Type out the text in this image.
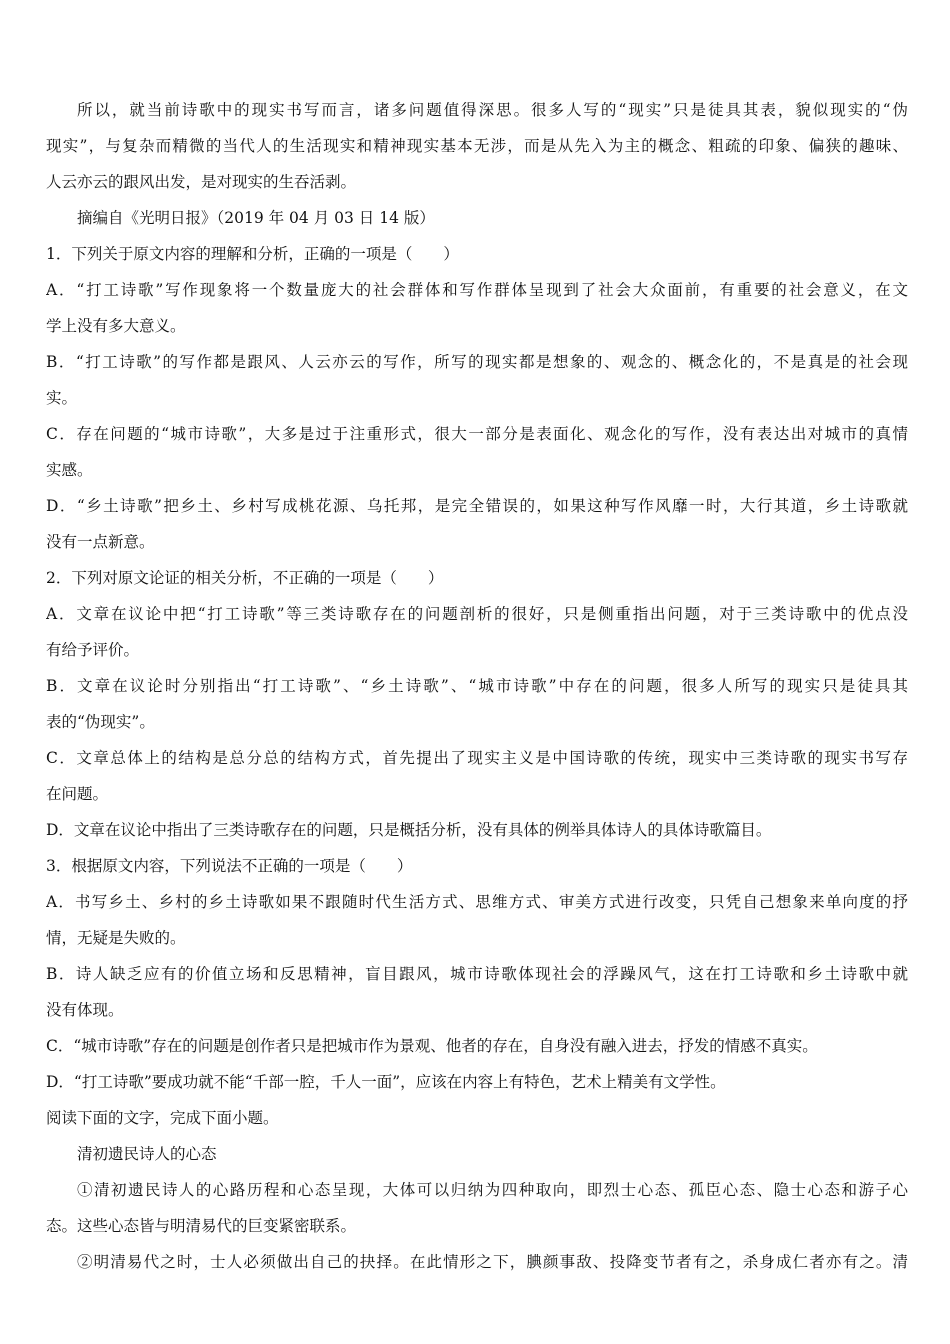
所以，就当前诗歌中的现实书写而言，诸多问题值得深思。很多人写的“现实”只是徒具其表，貌似现实的“伪
现实”，与复杂而精微的当代人的生活现实和精神现实基本无涉，而是从先入为主的概念、粗疏的印象、偏狭的趣味、
人云亦云的跟风出发，是对现实的生吞活剥。
摘编自《光明日报》（2019 年 04 月 03 日 14 版）
1．下列关于原文内容的理解和分析，正确的一项是（　　）
A．“打工诗歌”写作现象将一个数量庞大的社会群体和写作群体呈现到了社会大众面前，有重要的社会意义，在文
学上没有多大意义。
B．“打工诗歌”的写作都是跟风、人云亦云的写作，所写的现实都是想象的、观念的、概念化的，不是真是的社会现
实。
C．存在问题的“城市诗歌”，大多是过于注重形式，很大一部分是表面化、观念化的写作，没有表达出对城市的真情
实感。
D．“乡土诗歌”把乡土、乡村写成桃花源、乌托邦，是完全错误的，如果这种写作风靡一时，大行其道，乡土诗歌就
没有一点新意。
2．下列对原文论证的相关分析，不正确的一项是（　　）
A．文章在议论中把“打工诗歌”等三类诗歌存在的问题剖析的很好，只是侧重指出问题，对于三类诗歌中的优点没
有给予评价。
B．文章在议论时分别指出“打工诗歌”、“乡土诗歌”、“城市诗歌”中存在的问题，很多人所写的现实只是徒具其
表的“伪现实”。
C．文章总体上的结构是总分总的结构方式，首先提出了现实主义是中国诗歌的传统，现实中三类诗歌的现实书写存
在问题。
D．文章在议论中指出了三类诗歌存在的问题，只是概括分析，没有具体的例举具体诗人的具体诗歌篇目。
3．根据原文内容，下列说法不正确的一项是（　　）
A．书写乡土、乡村的乡土诗歌如果不跟随时代生活方式、思维方式、审美方式进行改变，只凭自己想象来单向度的抒
情，无疑是失败的。
B．诗人缺乏应有的价值立场和反思精神，盲目跟风，城市诗歌体现社会的浮躁风气，这在打工诗歌和乡土诗歌中就
没有体现。
C．“城市诗歌”存在的问题是创作者只是把城市作为景观、他者的存在，自身没有融入进去，抒发的情感不真实。
D．“打工诗歌”要成功就不能“千部一腔，千人一面”，应该在内容上有特色，艺术上精美有文学性。
阅读下面的文字，完成下面小题。
清初遗民诗人的心态
①清初遗民诗人的心路历程和心态呈现，大体可以归纳为四种取向，即烈士心态、孤臣心态、隐士心态和游子心
态。这些心态皆与明清易代的巨变紧密联系。
②明清易代之时，士人必须做出自己的抉择。在此情形之下，腆颜事敌、投降变节者有之，杀身成仁者亦有之。清
